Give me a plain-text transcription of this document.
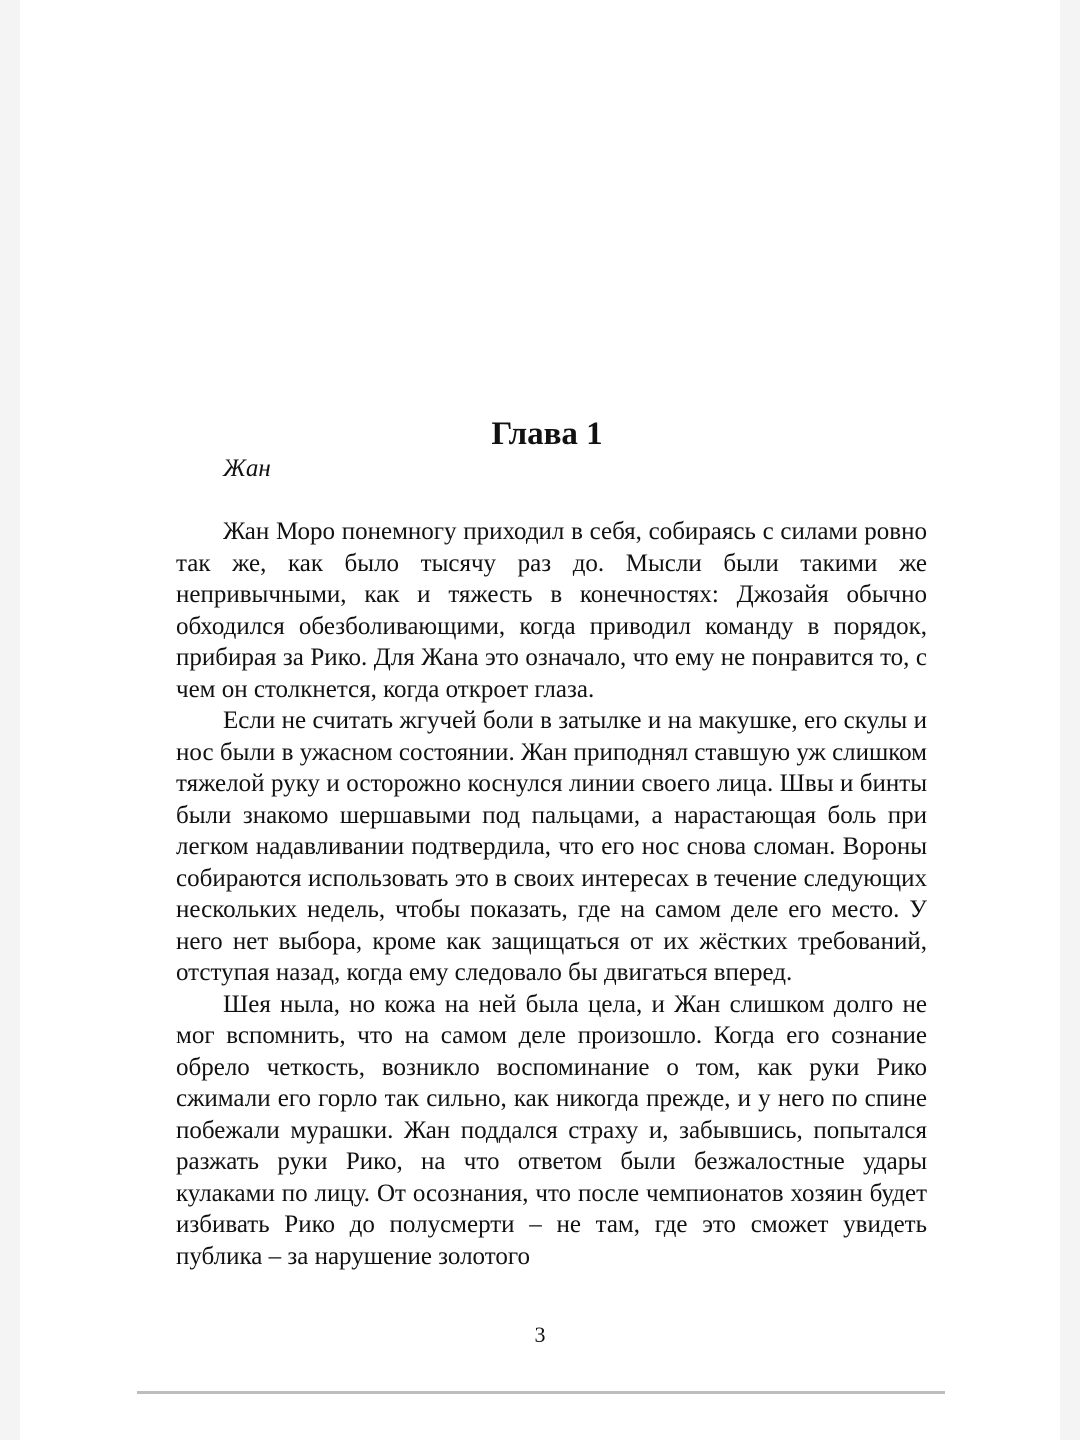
Глава 1
Жан

Жан Моро понемногу приходил в себя, собираясь с силами ровно так же, как было тысячу раз до. Мысли были такими же непривычными, как и тяжесть в конечностях: Джозайя обычно обходился обезболивающими, когда приводил команду в порядок, прибирая за Рико. Для Жана это означало, что ему не понравится то, с чем он столкнется, когда откроет глаза.

Если не считать жгучей боли в затылке и на макушке, его скулы и нос были в ужасном состоянии. Жан приподнял ставшую уж слишком тяжелой руку и осторожно коснулся линии своего лица. Швы и бинты были знакомо шершавыми под пальцами, а нарастающая боль при легком надавливании подтвердила, что его нос снова сломан. Вороны собираются использовать это в своих интересах в течение следующих нескольких недель, чтобы показать, где на самом деле его место. У него нет выбора, кроме как защищаться от их жёстких требований, отступая назад, когда ему следовало бы двигаться вперед.

Шея ныла, но кожа на ней была цела, и Жан слишком долго не мог вспомнить, что на самом деле произошло. Когда его сознание обрело четкость, возникло воспоминание о том, как руки Рико сжимали его горло так сильно, как никогда прежде, и у него по спине побежали мурашки. Жан поддался страху и, забывшись, попытался разжать руки Рико, на что ответом были безжалостные удары кулаками по лицу. От осознания, что после чемпионатов хозяин будет избивать Рико до полусмерти – не там, где это сможет увидеть публика – за нарушение золотого

3
